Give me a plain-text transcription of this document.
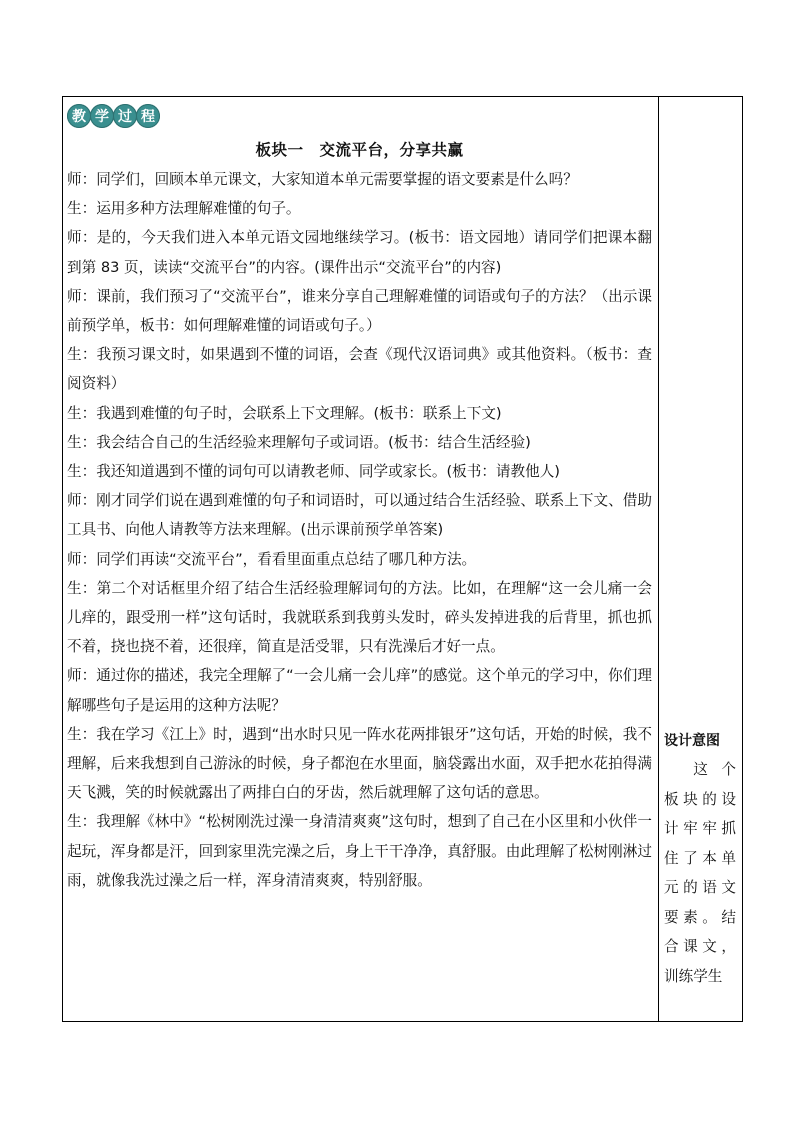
教 学 过 程
板块一　交流平台，分享共赢
师：同学们，回顾本单元课文，大家知道本单元需要掌握的语文要素是什么吗？
生：运用多种方法理解难懂的句子。
师：是的，今天我们进入本单元语文园地继续学习。(板书：语文园地）请同学们把课本翻到第 83 页，读读“交流平台”的内容。(课件出示“交流平台”的内容)
师：课前，我们预习了“交流平台”，谁来分享自己理解难懂的词语或句子的方法？（出示课前预学单，板书：如何理解难懂的词语或句子。）
生：我预习课文时，如果遇到不懂的词语，会查《现代汉语词典》或其他资料。（板书：查阅资料）
生：我遇到难懂的句子时，会联系上下文理解。(板书：联系上下文)
生：我会结合自己的生活经验来理解句子或词语。(板书：结合生活经验)
生：我还知道遇到不懂的词句可以请教老师、同学或家长。(板书：请教他人)
师：刚才同学们说在遇到难懂的句子和词语时，可以通过结合生活经验、联系上下文、借助工具书、向他人请教等方法来理解。(出示课前预学单答案)
师：同学们再读“交流平台”，看看里面重点总结了哪几种方法。
生：第二个对话框里介绍了结合生活经验理解词句的方法。比如，在理解“这一会儿痛一会儿痒的，跟受刑一样”这句话时，我就联系到我剪头发时，碎头发掉进我的后背里，抓也抓不着，挠也挠不着，还很痒，简直是活受罪，只有洗澡后才好一点。
师：通过你的描述，我完全理解了“一会儿痛一会儿痒”的感觉。这个单元的学习中，你们理解哪些句子是运用的这种方法呢？
生：我在学习《江上》时，遇到“出水时只见一阵水花两排银牙”这句话，开始的时候，我不理解，后来我想到自己游泳的时候，身子都泡在水里面，脑袋露出水面，双手把水花拍得满天飞溅，笑的时候就露出了两排白白的牙齿，然后就理解了这句话的意思。
生：我理解《林中》“松树刚洗过澡一身清清爽爽”这句时，想到了自己在小区里和小伙伴一起玩，浑身都是汗，回到家里洗完澡之后，身上干干净净，真舒服。由此理解了松树刚淋过雨，就像我洗过澡之后一样，浑身清清爽爽，特别舒服。
设计意图
这个板块的设计牢牢抓住了本单元的语文要素。结合课文，训练学生
